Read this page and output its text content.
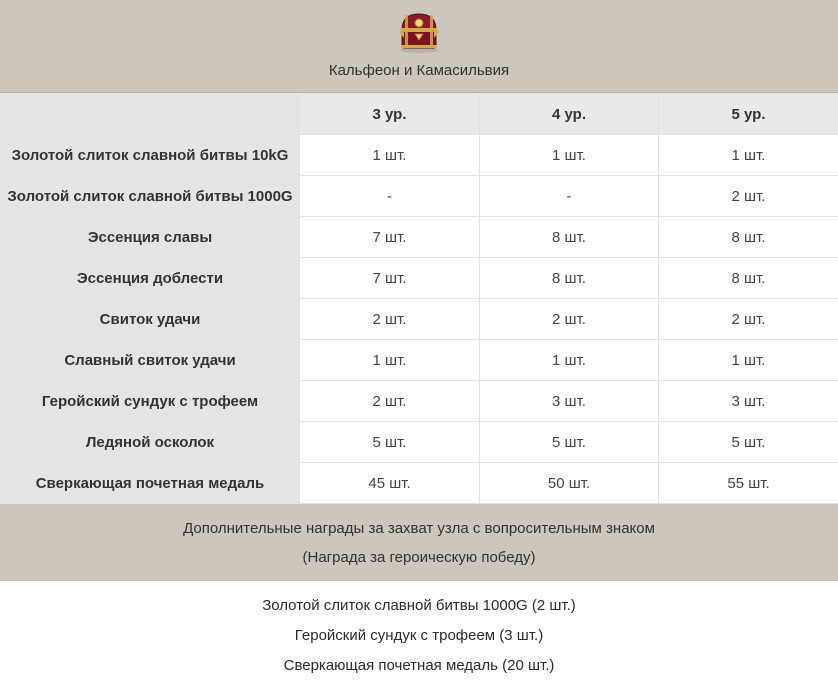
Кальфеон и Камасильвия
	3 ур.	4 ур.	5 ур.
Золотой слиток славной битвы 10kG	1 шт.	1 шт.	1 шт.
Золотой слиток славной битвы 1000G	-	-	2 шт.
Эссенция славы	7 шт.	8 шт.	8 шт.
Эссенция доблести	7 шт.	8 шт.	8 шт.
Свиток удачи	2 шт.	2 шт.	2 шт.
Славный свиток удачи	1 шт.	1 шт.	1 шт.
Геройский сундук с трофеем	2 шт.	3 шт.	3 шт.
Ледяной осколок	5 шт.	5 шт.	5 шт.
Сверкающая почетная медаль	45 шт.	50 шт.	55 шт.
Дополнительные награды за захват узла с вопросительным знаком
(Награда за героическую победу)
Золотой слиток славной битвы 1000G (2 шт.)
Геройский сундук с трофеем (3 шт.)
Сверкающая почетная медаль (20 шт.)
